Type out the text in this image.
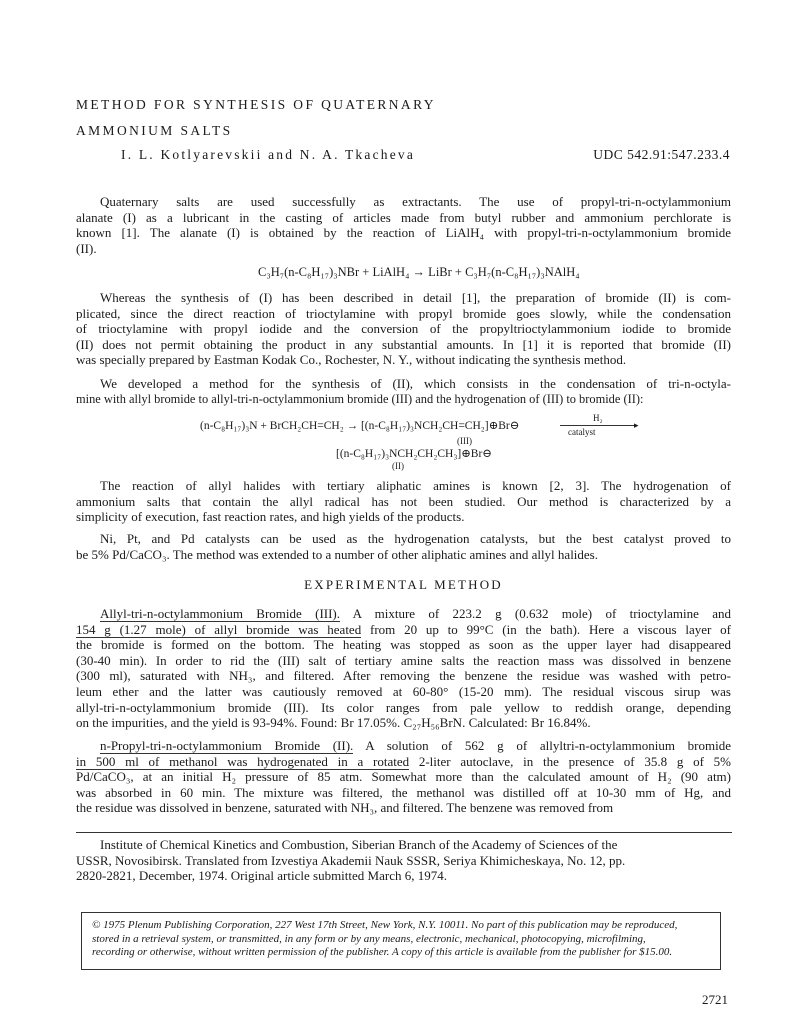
METHOD FOR SYNTHESIS OF QUATERNARY
AMMONIUM SALTS
I. L. Kotlyarevskii and N. A. Tkacheva	UDC 542.91:547.233.4
Quaternary salts are used successfully as extractants. The use of propyl-tri-n-octylammonium
alanate (I) as a lubricant in the casting of articles made from butyl rubber and ammonium perchlorate is
known [1]. The alanate (I) is obtained by the reaction of LiAlH₄ with propyl-tri-n-octylammonium bromide
(II).
C₃H₇(n-C₈H₁₇)₃NBr + LiAlH₄ → LiBr + C₃H₇(n-C₈H₁₇)₃NAlH₄
Whereas the synthesis of (I) has been described in detail [1], the preparation of bromide (II) is com-
plicated, since the direct reaction of trioctylamine with propyl bromide goes slowly, while the condensation
of trioctylamine with propyl iodide and the conversion of the propyltrioctylammonium iodide to bromide
(II) does not permit obtaining the product in any substantial amounts. In [1] it is reported that bromide (II)
was specially prepared by Eastman Kodak Co., Rochester, N. Y., without indicating the synthesis method.
We developed a method for the synthesis of (II), which consists in the condensation of tri-n-octyla-
mine with allyl bromide to allyl-tri-n-octylammonium bromide (III) and the hydrogenation of (III) to bromide (II):
(n-C₈H₁₇)₃N + BrCH₂CH=CH₂ → [(n-C₈H₁₇)₃NCH₂CH=CH₂]⊕Br⊖
H₂
▸
catalyst
(III)
[(n-C₈H₁₇)₃NCH₂CH₂CH₃]⊕Br⊖
(II)
The reaction of allyl halides with tertiary aliphatic amines is known [2, 3]. The hydrogenation of
ammonium salts that contain the allyl radical has not been studied. Our method is characterized by a
simplicity of execution, fast reaction rates, and high yields of the products.
Ni, Pt, and Pd catalysts can be used as the hydrogenation catalysts, but the best catalyst proved to
be 5% Pd/CaCO₃. The method was extended to a number of other aliphatic amines and allyl halides.
EXPERIMENTAL METHOD
Allyl-tri-n-octylammonium Bromide (III). A mixture of 223.2 g (0.632 mole) of trioctylamine and
154 g (1.27 mole) of allyl bromide was heated from 20 up to 99°C (in the bath). Here a viscous layer of
the bromide is formed on the bottom. The heating was stopped as soon as the upper layer had disappeared
(30-40 min). In order to rid the (III) salt of tertiary amine salts the reaction mass was dissolved in benzene
(300 ml), saturated with NH₃, and filtered. After removing the benzene the residue was washed with petro-
leum ether and the latter was cautiously removed at 60-80° (15-20 mm). The residual viscous sirup was
allyl-tri-n-octylammonium bromide (III). Its color ranges from pale yellow to reddish orange, depending
on the impurities, and the yield is 93-94%. Found: Br 17.05%. C₂₇H₅₆BrN. Calculated: Br 16.84%.
n-Propyl-tri-n-octylammonium Bromide (II). A solution of 562 g of allyltri-n-octylammonium bromide
in 500 ml of methanol was hydrogenated in a rotated 2-liter autoclave, in the presence of 35.8 g of 5%
Pd/CaCO₃, at an initial H₂ pressure of 85 atm. Somewhat more than the calculated amount of H₂ (90 atm)
was absorbed in 60 min. The mixture was filtered, the methanol was distilled off at 10-30 mm of Hg, and
the residue was dissolved in benzene, saturated with NH₃, and filtered. The benzene was removed from
Institute of Chemical Kinetics and Combustion, Siberian Branch of the Academy of Sciences of the
USSR, Novosibirsk. Translated from Izvestiya Akademii Nauk SSSR, Seriya Khimicheskaya, No. 12, pp.
2820-2821, December, 1974. Original article submitted March 6, 1974.
© 1975 Plenum Publishing Corporation, 227 West 17th Street, New York, N.Y. 10011. No part of this publication may be reproduced,
stored in a retrieval system, or transmitted, in any form or by any means, electronic, mechanical, photocopying, microfilming,
recording or otherwise, without written permission of the publisher. A copy of this article is available from the publisher for $15.00.
2721
